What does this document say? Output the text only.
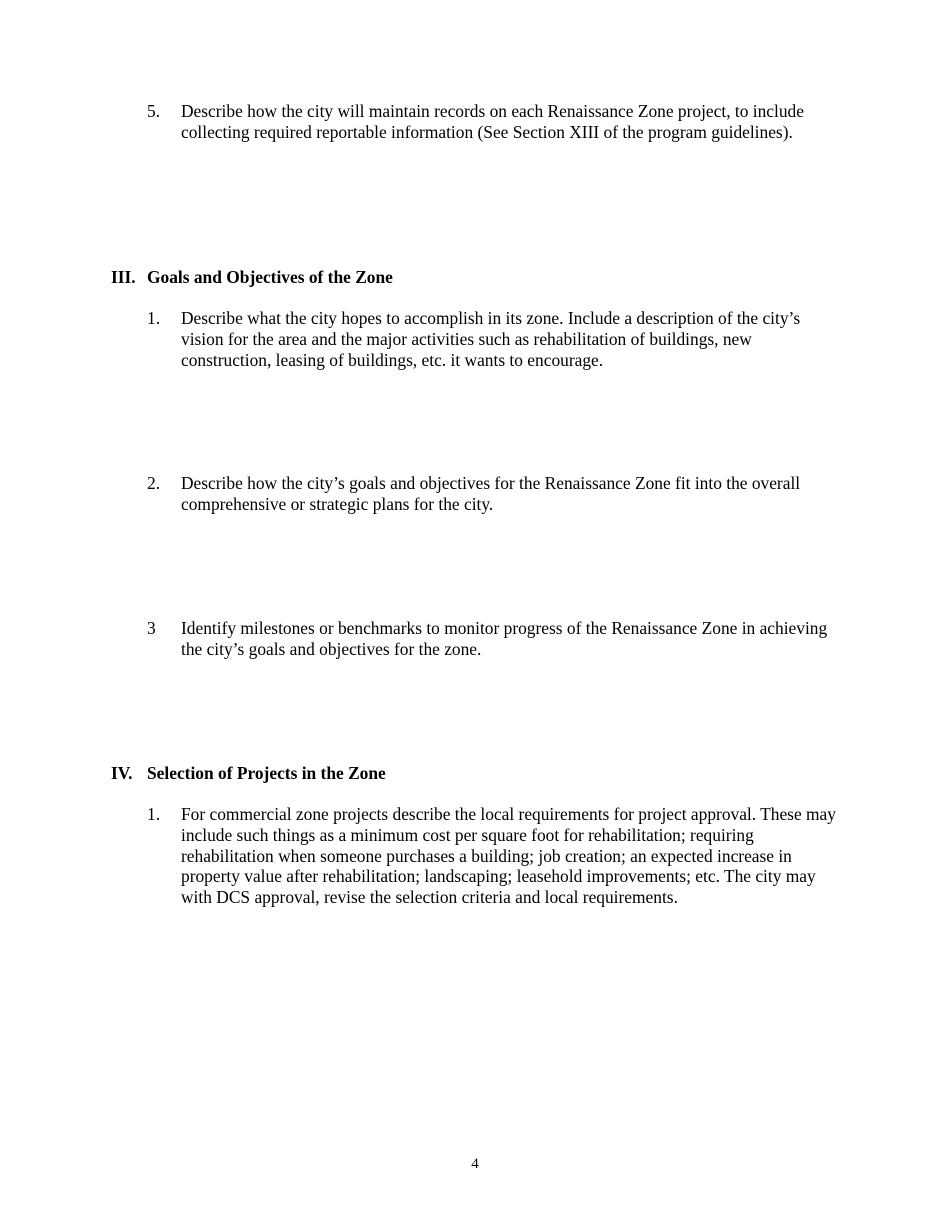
5.	Describe how the city will maintain records on each Renaissance Zone project, to include collecting required reportable information (See Section XIII of the program guidelines).
III. Goals and Objectives of the Zone
1.	Describe what the city hopes to accomplish in its zone. Include a description of the city’s vision for the area and the major activities such as rehabilitation of buildings, new construction, leasing of buildings, etc. it wants to encourage.
2.	Describe how the city’s goals and objectives for the Renaissance Zone fit into the overall comprehensive or strategic plans for the city.
3	Identify milestones or benchmarks to monitor progress of the Renaissance Zone in achieving the city’s goals and objectives for the zone.
IV. Selection of Projects in the Zone
1.	For commercial zone projects describe the local requirements for project approval. These may include such things as a minimum cost per square foot for rehabilitation; requiring rehabilitation when someone purchases a building; job creation; an expected increase in property value after rehabilitation; landscaping; leasehold improvements; etc. The city may with DCS approval, revise the selection criteria and local requirements.
4
